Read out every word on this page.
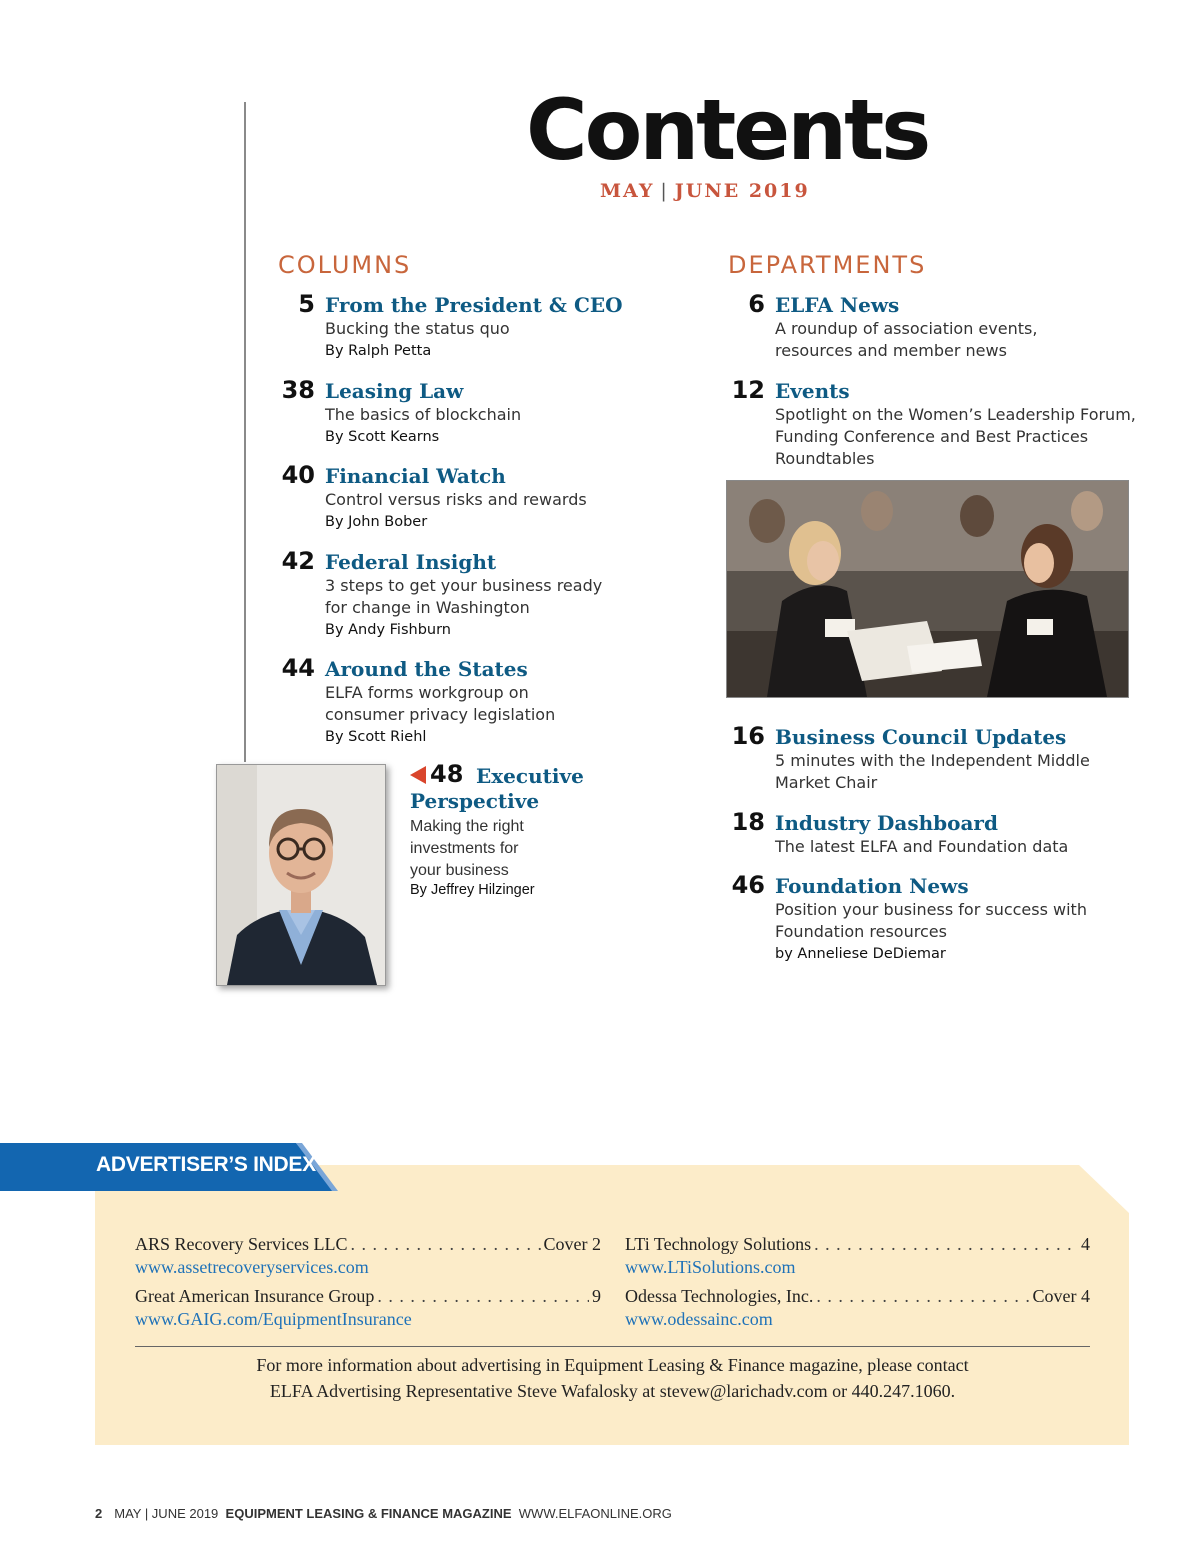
Contents
MAY | JUNE 2019
COLUMNS
5 From the President & CEO
Bucking the status quo
By Ralph Petta
38 Leasing Law
The basics of blockchain
By Scott Kearns
40 Financial Watch
Control versus risks and rewards
By John Bober
42 Federal Insight
3 steps to get your business ready
for change in Washington
By Andy Fishburn
44 Around the States
ELFA forms workgroup on
consumer privacy legislation
By Scott Riehl
48 Executive Perspective
Making the right
investments for
your business
By Jeffrey Hilzinger
DEPARTMENTS
6 ELFA News
A roundup of association events,
resources and member news
12 Events
Spotlight on the Women’s Leadership Forum,
Funding Conference and Best Practices
Roundtables
16 Business Council Updates
5 minutes with the Independent Middle
Market Chair
18 Industry Dashboard
The latest ELFA and Foundation data
46 Foundation News
Position your business for success with
Foundation resources
by Anneliese DeDiemar
ADVERTISER’S INDEX
ARS Recovery Services LLC . . .	Cover 2
www.assetrecoveryservices.com
Great American Insurance Group . . .	9
www.GAIG.com/EquipmentInsurance
LTi Technology Solutions . . .	4
www.LTiSolutions.com
Odessa Technologies, Inc. . . .	Cover 4
www.odessainc.com
For more information about advertising in Equipment Leasing & Finance magazine, please contact
ELFA Advertising Representative Steve Wafalosky at stevew@larichadv.com or 440.247.1060.
2 MAY | JUNE 2019 EQUIPMENT LEASING & FINANCE MAGAZINE WWW.ELFAONLINE.ORG
